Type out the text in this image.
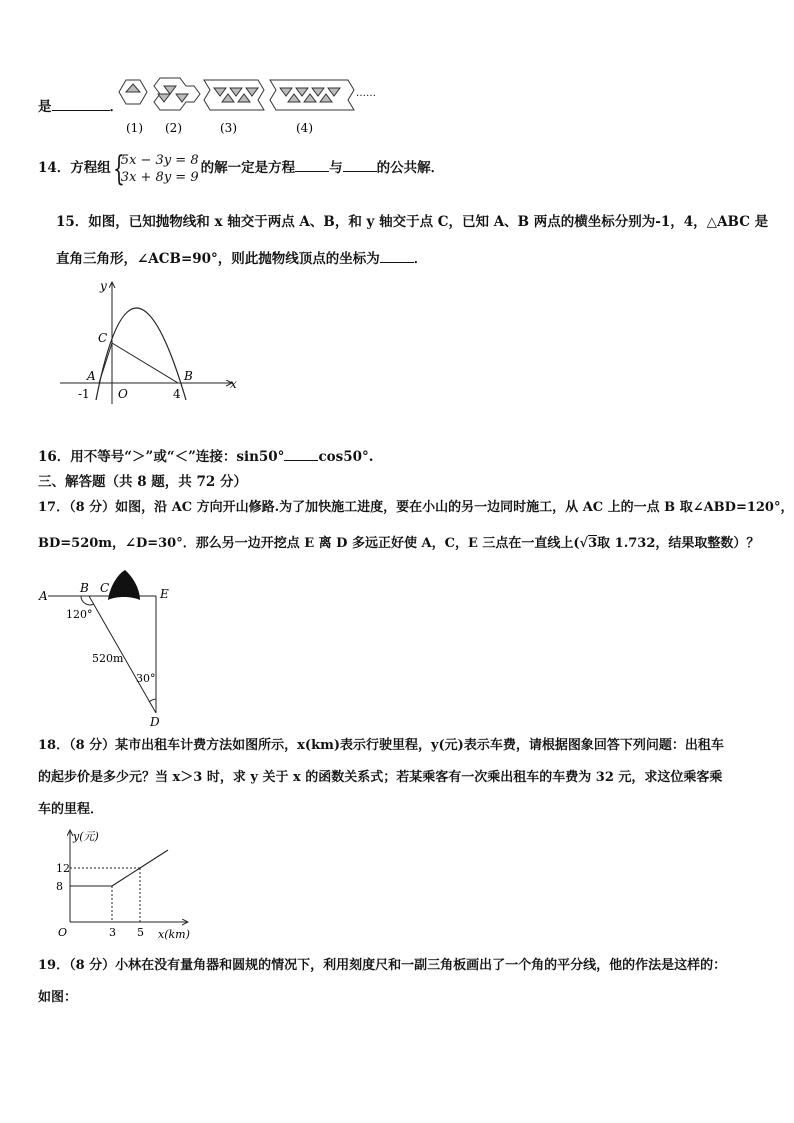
是	．
……
(1) (2)	(3)	(4)
14．方程组 {
5x − 3y = 8
3x + 8y = 9
的解一定是方程	与	的公共解．
15．如图，已知抛物线和 x 轴交于两点 A、B，和 y 轴交于点 C，已知 A、B 两点的横坐标分别为-1，4，△ABC 是
直角三角形，∠ACB=90°，则此抛物线顶点的坐标为	．
y
x
C
A	B
O
-1	4
16．用不等号“＞”或“＜”连接：sin50°	cos50°.
三、解答题（共 8 题，共 72 分）
17．（8 分）如图，沿 AC 方向开山修路.为了加快施工进度，要在小山的另一边同时施工，从 AC 上的一点 B 取∠ABD=120°，
BD=520m，∠D=30°．那么另一边开挖点 E 离 D 多远正好使 A，C，E 三点在一直线上(√3取 1.732，结果取整数）？
A
B C	E
D
120°
520m
30°
18．（8 分）某市出租车计费方法如图所示，x(km)表示行驶里程，y(元)表示车费，请根据图象回答下列问题：出租车
的起步价是多少元？当 x＞3 时，求 y 关于 x 的函数关系式；若某乘客有一次乘出租车的车费为 32 元，求这位乘客乘
车的里程．
3 5
8
12
y(元)
x(km)
O
19．（8 分）小林在没有量角器和圆规的情况下，利用刻度尺和一副三角板画出了一个角的平分线，他的作法是这样的：
如图：
